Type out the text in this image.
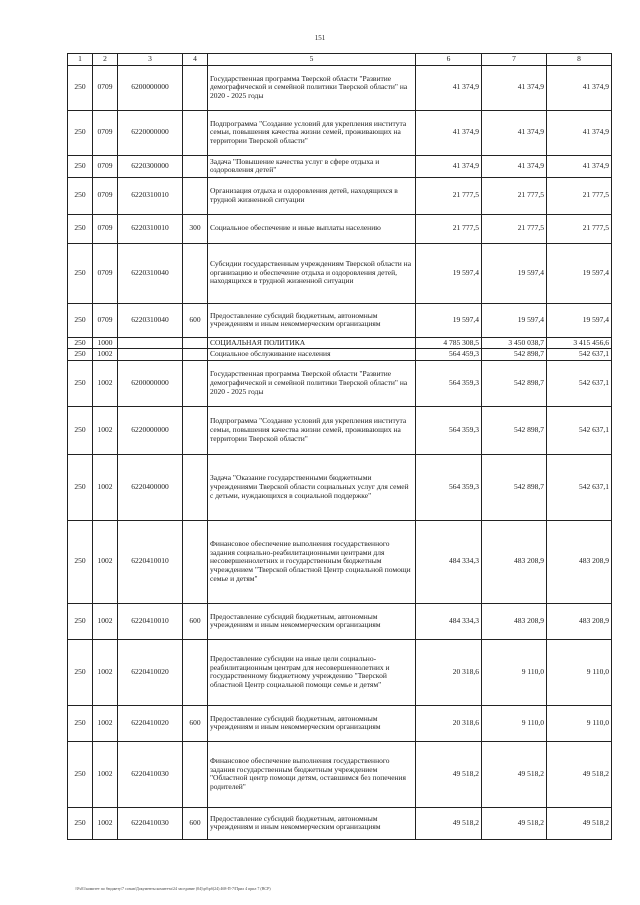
151
1	2	3	4	5	6	7	8
250	0709	6200000000		Государственная программа Тверской области "Развитие демографической и семейной политики Тверской области" на 2020 - 2025 годы	41 374,9	41 374,9	41 374,9
250	0709	6220000000		Подпрограмма "Создание условий для укрепления института семьи, повышения качества жизни семей, проживающих на территории Тверской области"	41 374,9	41 374,9	41 374,9
250	0709	6220300000		Задача "Повышение качества услуг в сфере отдыха и оздоровления детей"	41 374,9	41 374,9	41 374,9
250	0709	6220310010		Организация отдыха и оздоровления детей, находящихся в трудной жизненной ситуации	21 777,5	21 777,5	21 777,5
250	0709	6220310010	300	Социальное обеспечение и иные выплаты населению	21 777,5	21 777,5	21 777,5
250	0709	6220310040		Субсидии государственным учреждениям Тверской области на организацию и обеспечение отдыха и оздоровления детей, находящихся в трудной жизненной ситуации	19 597,4	19 597,4	19 597,4
250	0709	6220310040	600	Предоставление субсидий бюджетным, автономным учреждениям и иным некоммерческим организациям	19 597,4	19 597,4	19 597,4
250	1000			СОЦИАЛЬНАЯ ПОЛИТИКА	4 785 308,5	3 450 038,7	3 415 456,6
250	1002			Социальное обслуживание населения	564 459,3	542 898,7	542 637,1
250	1002	6200000000		Государственная программа Тверской области "Развитие демографической и семейной политики Тверской области" на 2020 - 2025 годы	564 359,3	542 898,7	542 637,1
250	1002	6220000000		Подпрограмма "Создание условий для укрепления института семьи, повышения качества жизни семей, проживающих на территории Тверской области"	564 359,3	542 898,7	542 637,1
250	1002	6220400000		Задача "Оказание государственными бюджетными учреждениями Тверской области социальных услуг для семей с детьми, нуждающихся в социальной поддержке"	564 359,3	542 898,7	542 637,1
250	1002	6220410010		Финансовое обеспечение выполнения государственного задания социально-реабилитационными центрами для несовершеннолетних и государственным бюджетным учреждением "Тверской областной Центр социальной помощи семье и детям"	484 334,3	483 208,9	483 208,9
250	1002	6220410010	600	Предоставление субсидий бюджетным, автономным учреждениям и иным некоммерческим организациям	484 334,3	483 208,9	483 208,9
250	1002	6220410020		Предоставление субсидии на иные цели социально-реабилитационным центрам для несовершеннолетних и государственному бюджетному учреждению "Тверской областной Центр социальной помощи семье и детям"	20 318,6	9 110,0	9 110,0
250	1002	6220410020	600	Предоставление субсидий бюджетным, автономным учреждениям и иным некоммерческим организациям	20 318,6	9 110,0	9 110,0
250	1002	6220410030		Финансовое обеспечение выполнения государственного задания государственным бюджетным учреждением "Областной центр помощи детям, оставшимся без попечения родителей"	49 518,2	49 518,2	49 518,2
250	1002	6220410030	600	Предоставление субсидий бюджетным, автономным учреждениям и иным некоммерческим организациям	49 518,2	49 518,2	49 518,2
\\Fs01\комитет по бюджету\7 созыв\Документы комитета\24 заседание (04)\рб\рб(24) 468-П-7\Прил 4 прил 7 (ВСР)
